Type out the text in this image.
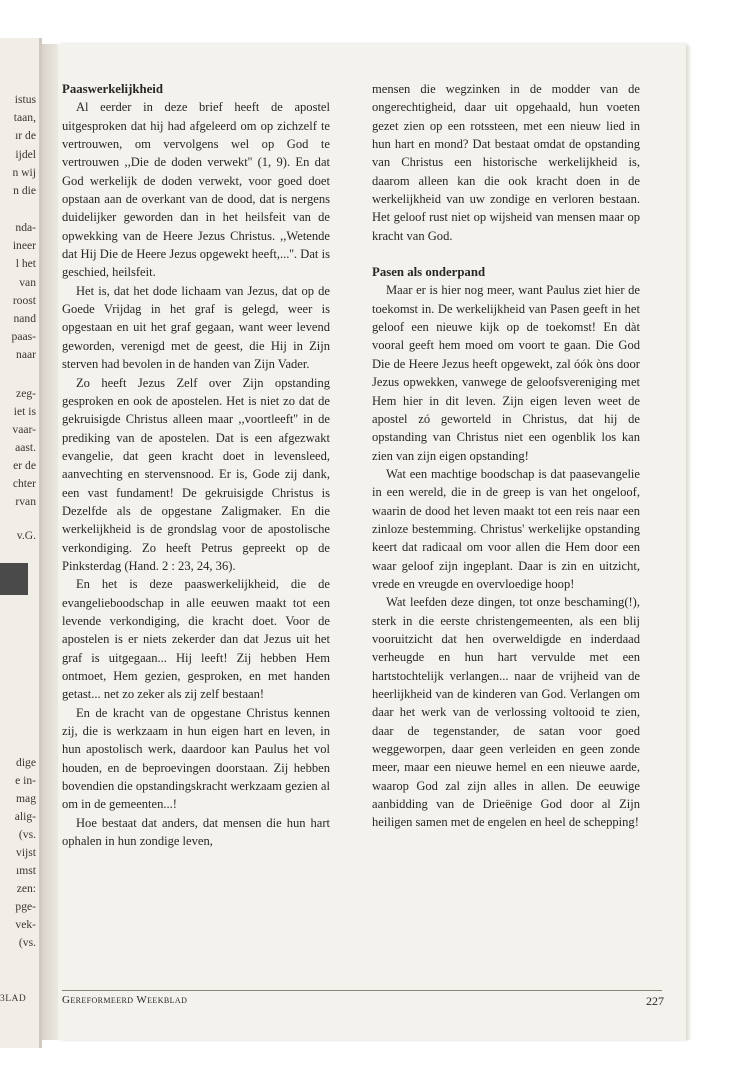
istus
taan,
ır de
ijdel
n wij
n die
nda-
ineer
l het
van
roost
nand
paas-
naar
zeg-
iet is
vaar-
aast.
er de
chter
rvan
v.G.
dige
e in-
mag
alig-
(vs.
vijst
ımst
zen:
pge-
vek-
(vs.
3LAD
Paaswerkelijkheid

Al eerder in deze brief heeft de apostel uitgesproken dat hij had afgeleerd om op zichzelf te vertrouwen, om vervolgens wel op God te vertrouwen ,,Die de doden verwekt'' (1, 9). En dat God werkelijk de doden verwekt, voor goed doet opstaan aan de overkant van de dood, dat is nergens duidelijker geworden dan in het heilsfeit van de opwekking van de Heere Jezus Christus. ,,Wetende dat Hij Die de Heere Jezus opgewekt heeft,...''. Dat is geschied, heilsfeit.

Het is, dat het dode lichaam van Jezus, dat op de Goede Vrijdag in het graf is gelegd, weer is opgestaan en uit het graf gegaan, want weer levend geworden, verenigd met de geest, die Hij in Zijn sterven had bevolen in de handen van Zijn Vader.

Zo heeft Jezus Zelf over Zijn opstanding gesproken en ook de apostelen. Het is niet zo dat de gekruisigde Christus alleen maar ,,voortleeft'' in de prediking van de apostelen. Dat is een afgezwakt evangelie, dat geen kracht doet in levensleed, aanvechting en stervensnood. Er is, Gode zij dank, een vast fundament! De gekruisigde Christus is Dezelfde als de opgestane Zaligmaker. En die werkelijkheid is de grondslag voor de apostolische verkondiging. Zo heeft Petrus gepreekt op de Pinksterdag (Hand. 2 : 23, 24, 36).

En het is deze paaswerkelijkheid, die de evangelieboodschap in alle eeuwen maakt tot een levende verkondiging, die kracht doet. Voor de apostelen is er niets zekerder dan dat Jezus uit het graf is uitgegaan... Hij leeft! Zij hebben Hem ontmoet, Hem gezien, gesproken, en met handen getast... net zo zeker als zij zelf bestaan!

En de kracht van de opgestane Christus kennen zij, die is werkzaam in hun eigen hart en leven, in hun apostolisch werk, daardoor kan Paulus het vol houden, en de beproevingen doorstaan. Zij hebben bovendien die opstandingskracht werkzaam gezien al om in de gemeenten...!

Hoe bestaat dat anders, dat mensen die hun hart ophalen in hun zondige leven,

mensen die wegzinken in de modder van de ongerechtigheid, daar uit opgehaald, hun voeten gezet zien op een rotssteen, met een nieuw lied in hun hart en mond? Dat bestaat omdat de opstanding van Christus een historische werkelijkheid is, daarom alleen kan die ook kracht doen in de werkelijkheid van uw zondige en verloren bestaan. Het geloof rust niet op wijsheid van mensen maar op kracht van God.

Pasen als onderpand

Maar er is hier nog meer, want Paulus ziet hier de toekomst in. De werkelijkheid van Pasen geeft in het geloof een nieuwe kijk op de toekomst! En dàt vooral geeft hem moed om voort te gaan. Die God Die de Heere Jezus heeft opgewekt, zal óók òns door Jezus opwekken, vanwege de geloofsvereniging met Hem hier in dit leven. Zijn eigen leven weet de apostel zó geworteld in Christus, dat hij de opstanding van Christus niet een ogenblik los kan zien van zijn eigen opstanding!

Wat een machtige boodschap is dat paasevangelie in een wereld, die in de greep is van het ongeloof, waarin de dood het leven maakt tot een reis naar een zinloze bestemming. Christus' werkelijke opstanding keert dat radicaal om voor allen die Hem door een waar geloof zijn ingeplant. Daar is zin en uitzicht, vrede en vreugde en overvloedige hoop!

Wat leefden deze dingen, tot onze beschaming(!), sterk in die eerste christengemeenten, als een blij vooruitzicht dat hen overweldigde en inderdaad verheugde en hun hart vervulde met een hartstochtelijk verlangen... naar de vrijheid van de heerlijkheid van de kinderen van God. Verlangen om daar het werk van de verlossing voltooid te zien, daar de tegenstander, de satan voor goed weggeworpen, daar geen verleiden en geen zonde meer, maar een nieuwe hemel en een nieuwe aarde, waarop God zal zijn alles in allen. De eeuwige aanbidding van de Drieënige God door al Zijn heiligen samen met de engelen en heel de schepping!

Gereformeerd Weekblad	227
